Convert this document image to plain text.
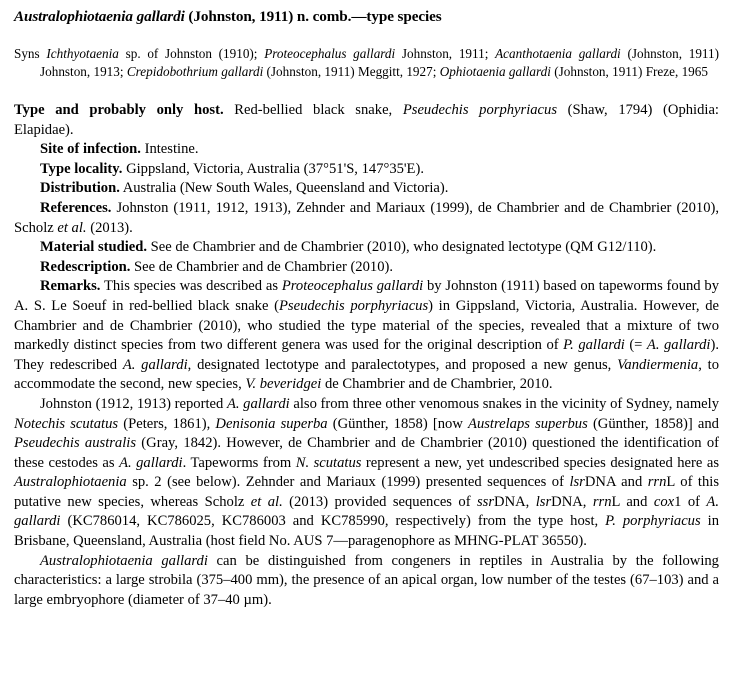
Australophiotaenia gallardi (Johnston, 1911) n. comb.—type species

Syns Ichthyotaenia sp. of Johnston (1910); Proteocephalus gallardi Johnston, 1911; Acanthotaenia gallardi (Johnston, 1911) Johnston, 1913; Crepidobothrium gallardi (Johnston, 1911) Meggitt, 1927; Ophiotaenia gallardi (Johnston, 1911) Freze, 1965

Type and probably only host. Red-bellied black snake, Pseudechis porphyriacus (Shaw, 1794) (Ophidia: Elapidae).

Site of infection. Intestine.

Type locality. Gippsland, Victoria, Australia (37°51'S, 147°35'E).

Distribution. Australia (New South Wales, Queensland and Victoria).

References. Johnston (1911, 1912, 1913), Zehnder and Mariaux (1999), de Chambrier and de Chambrier (2010), Scholz et al. (2013).

Material studied. See de Chambrier and de Chambrier (2010), who designated lectotype (QM G12/110).

Redescription. See de Chambrier and de Chambrier (2010).

Remarks. This species was described as Proteocephalus gallardi by Johnston (1911) based on tapeworms found by A. S. Le Soeuf in red-bellied black snake (Pseudechis porphyriacus) in Gippsland, Victoria, Australia. However, de Chambrier and de Chambrier (2010), who studied the type material of the species, revealed that a mixture of two markedly distinct species from two different genera was used for the original description of P. gallardi (= A. gallardi). They redescribed A. gallardi, designated lectotype and paralectotypes, and proposed a new genus, Vandiermenia, to accommodate the second, new species, V. beveridgei de Chambrier and de Chambrier, 2010.

Johnston (1912, 1913) reported A. gallardi also from three other venomous snakes in the vicinity of Sydney, namely Notechis scutatus (Peters, 1861), Denisonia superba (Günther, 1858) [now Austrelaps superbus (Günther, 1858)] and Pseudechis australis (Gray, 1842). However, de Chambrier and de Chambrier (2010) questioned the identification of these cestodes as A. gallardi. Tapeworms from N. scutatus represent a new, yet undescribed species designated here as Australophiotaenia sp. 2 (see below). Zehnder and Mariaux (1999) presented sequences of lsrDNA and rrnL of this putative new species, whereas Scholz et al. (2013) provided sequences of ssrDNA, lsrDNA, rrnL and cox1 of A. gallardi (KC786014, KC786025, KC786003 and KC785990, respectively) from the type host, P. porphyriacus in Brisbane, Queensland, Australia (host field No. AUS 7—paragenophore as MHNG-PLAT 36550).

Australophiotaenia gallardi can be distinguished from congeners in reptiles in Australia by the following characteristics: a large strobila (375–400 mm), the presence of an apical organ, low number of the testes (67–103) and a large embryophore (diameter of 37–40 µm).
